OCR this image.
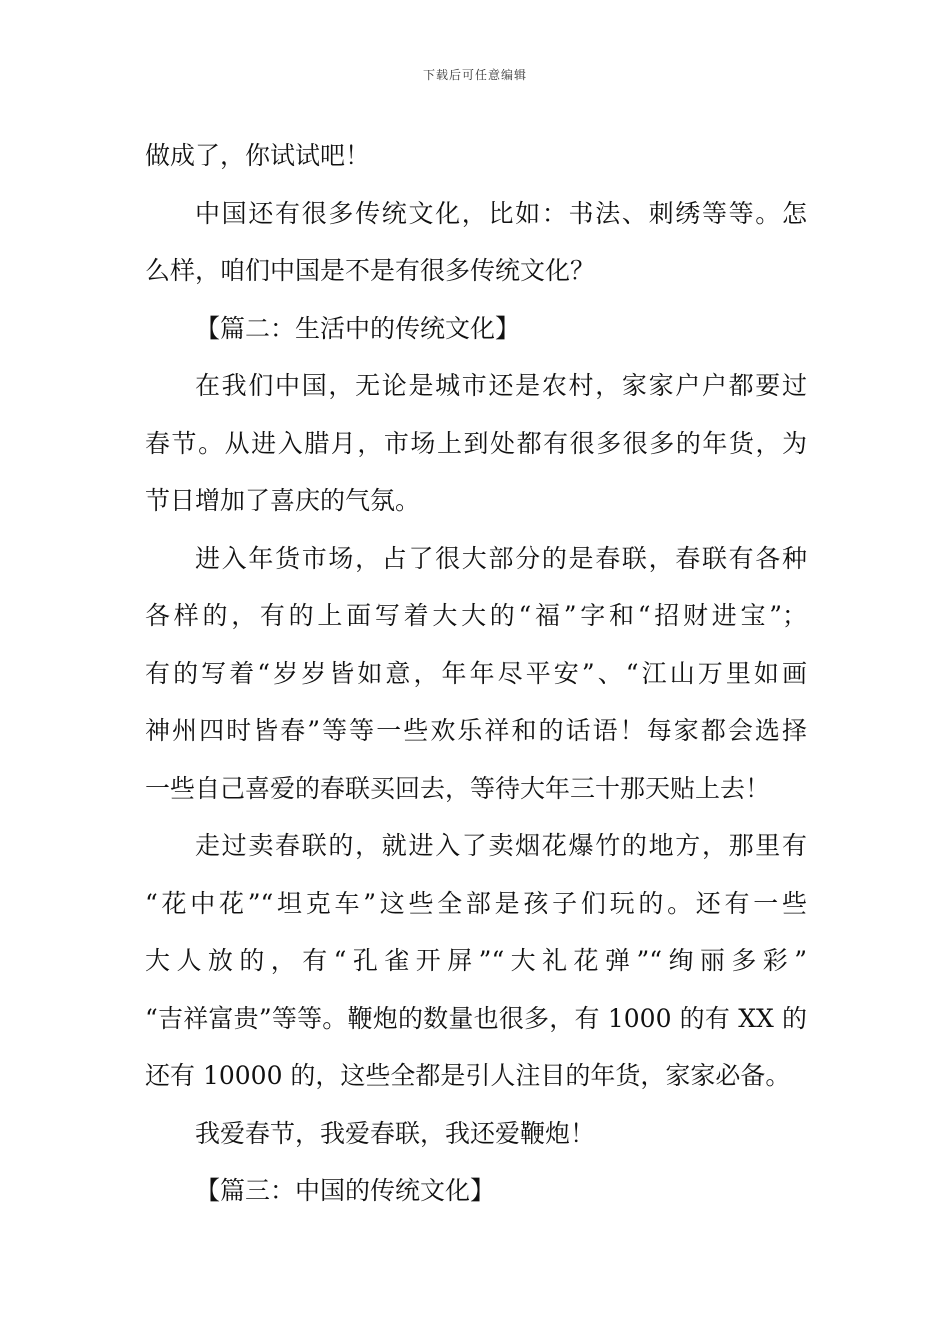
下载后可任意编辑
做成了，你试试吧！
中国还有很多传统文化，比如：书法、刺绣等等。怎
么样，咱们中国是不是有很多传统文化？
【篇二：生活中的传统文化】
在我们中国，无论是城市还是农村，家家户户都要过
春节。从进入腊月，市场上到处都有很多很多的年货，为
节日增加了喜庆的气氛。
进入年货市场，占了很大部分的是春联，春联有各种
各样的，有的上面写着大大的“福”字和“招财进宝”；
有的写着“岁岁皆如意，年年尽平安”、“江山万里如画
神州四时皆春”等等一些欢乐祥和的话语！每家都会选择
一些自己喜爱的春联买回去，等待大年三十那天贴上去！
走过卖春联的，就进入了卖烟花爆竹的地方，那里有
“花中花”“坦克车”这些全部是孩子们玩的。还有一些
大人放的，有“孔雀开屏”“大礼花弹”“绚丽多彩”
“吉祥富贵”等等。鞭炮的数量也很多，有 1000 的有 XX 的
还有 10000 的，这些全都是引人注目的年货，家家必备。
我爱春节，我爱春联，我还爱鞭炮！
【篇三：中国的传统文化】
